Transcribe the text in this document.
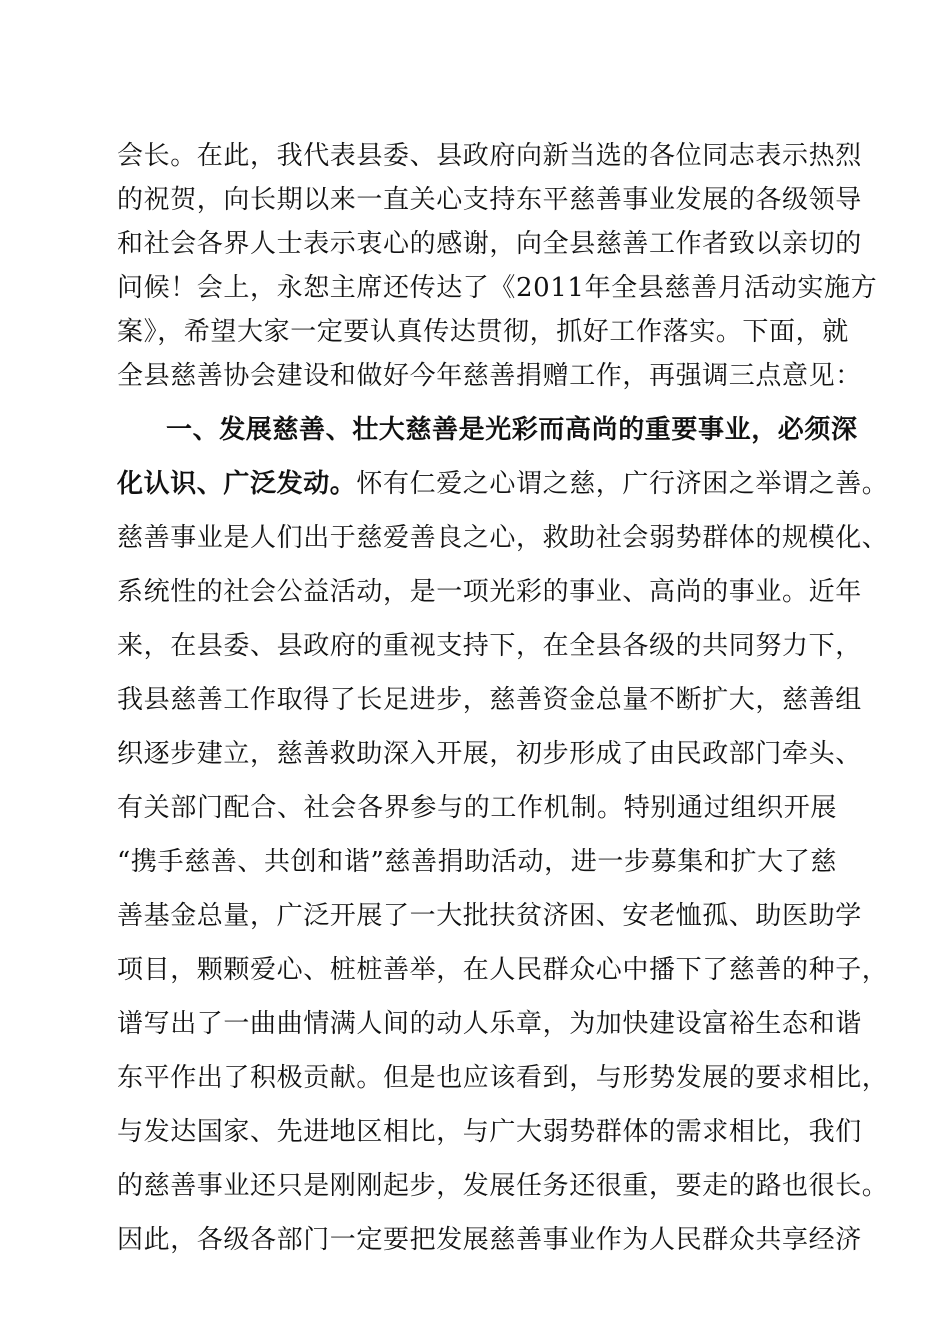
会长。在此，我代表县委、县政府向新当选的各位同志表示热烈
的祝贺，向长期以来一直关心支持东平慈善事业发展的各级领导
和社会各界人士表示衷心的感谢，向全县慈善工作者致以亲切的
问候！会上，永恕主席还传达了《2011年全县慈善月活动实施方
案》，希望大家一定要认真传达贯彻，抓好工作落实。下面，就
全县慈善协会建设和做好今年慈善捐赠工作，再强调三点意见：
一、发展慈善、壮大慈善是光彩而高尚的重要事业，必须深
化认识、广泛发动。怀有仁爱之心谓之慈，广行济困之举谓之善。
慈善事业是人们出于慈爱善良之心，救助社会弱势群体的规模化、
系统性的社会公益活动，是一项光彩的事业、高尚的事业。近年
来，在县委、县政府的重视支持下，在全县各级的共同努力下，
我县慈善工作取得了长足进步，慈善资金总量不断扩大，慈善组
织逐步建立，慈善救助深入开展，初步形成了由民政部门牵头、
有关部门配合、社会各界参与的工作机制。特别通过组织开展
“携手慈善、共创和谐”慈善捐助活动，进一步募集和扩大了慈
善基金总量，广泛开展了一大批扶贫济困、安老恤孤、助医助学
项目，颗颗爱心、桩桩善举，在人民群众心中播下了慈善的种子，
谱写出了一曲曲情满人间的动人乐章，为加快建设富裕生态和谐
东平作出了积极贡献。但是也应该看到，与形势发展的要求相比，
与发达国家、先进地区相比，与广大弱势群体的需求相比，我们
的慈善事业还只是刚刚起步，发展任务还很重，要走的路也很长。
因此，各级各部门一定要把发展慈善事业作为人民群众共享经济
